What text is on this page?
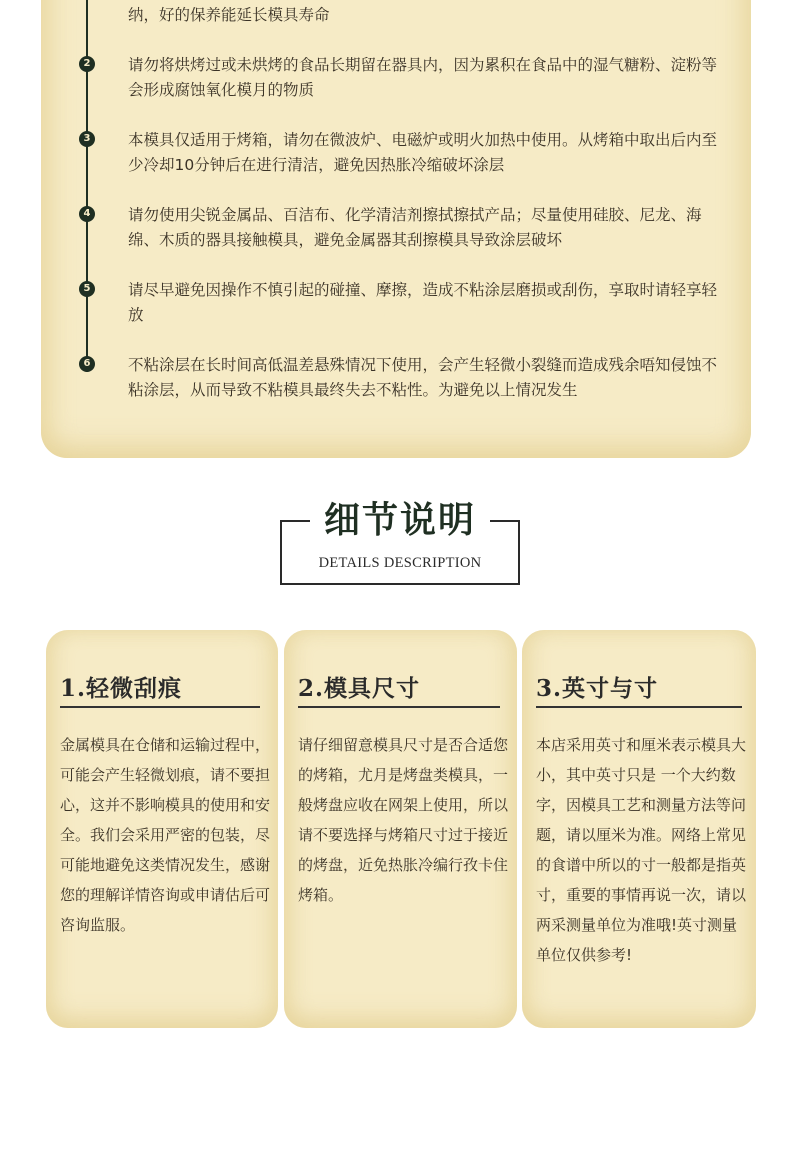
纳，好的保养能延长模具寿命
2 请勿将烘烤过或未烘烤的食品长期留在器具内，因为累积在食品中的湿气糖粉、淀粉等会形成腐蚀氧化模月的物质
3 本模具仅适用于烤箱，请勿在微波炉、电磁炉或明火加热中使用。从烤箱中取出后内至少冷却10分钟后在进行清洁，避免因热胀冷缩破坏涂层
4 请勿使用尖锐金属品、百洁布、化学清洁剂擦拭擦拭产品；尽量使用硅胶、尼龙、海绵、木质的器具接触模具，避免金属器其刮擦模具导致涂层破坏
5 请尽早避免因操作不慎引起的碰撞、摩擦，造成不粘涂层磨损或刮伤，享取时请轻享轻放
6 不粘涂层在长时间高低温差悬殊情况下使用，会产生轻微小裂缝而造成残余唔知侵蚀不粘涂层，从而导致不粘模具最终失去不粘性。为避免以上情况发生
细节说明
DETAILS DESCRIPTION
1.轻微刮痕
金属模具在仓储和运输过程中，可能会产生轻微划痕，请不要担心，这并不影响模具的使用和安全。我们会采用严密的包装，尽可能地避免这类情况发生，感谢您的理解详情咨询或申请估后可咨询监服。
2.模具尺寸
请仔细留意模具尺寸是否合适您的烤箱，尤月是烤盘类模具，一般烤盘应收在网架上使用，所以请不要选择与烤箱尺寸过于接近的烤盘，近免热胀冷编行孜卡住烤箱。
3.英寸与寸
本店采用英寸和厘米表示模具大小，其中英寸只是 一个大约数字，因模具工艺和测量方法等问题，请以厘米为准。网络上常见的食谱中所以的寸一般都是指英寸，重要的事情再说一次，请以两采测量单位为准哦!英寸测量单位仅供参考!
